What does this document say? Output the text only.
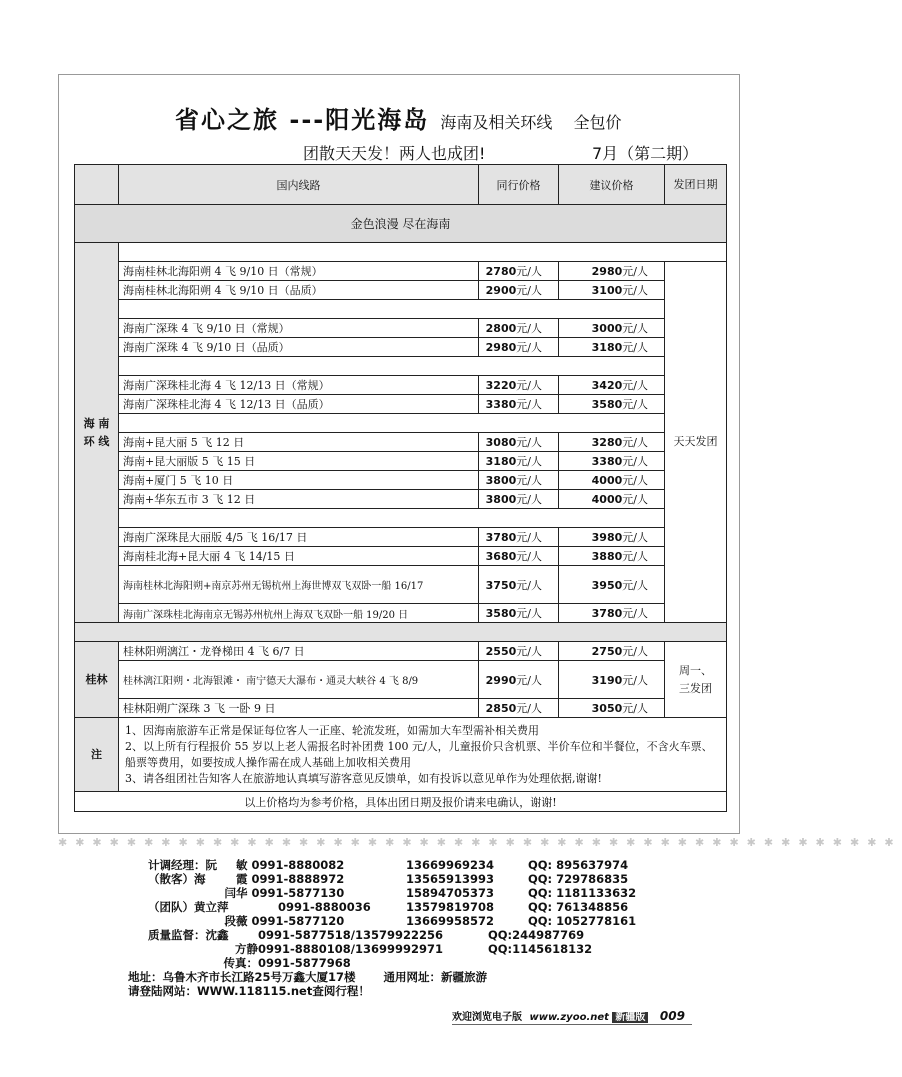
省心之旅 ---阳光海岛 海南及相关环线 全包价
团散天天发！两人也成团!	7月（第二期）
	国内线路	同行价格	建议价格	发团日期
金色浪漫 尽在海南				
海 南 环 线				
	海南桂林北海阳朔 4 飞 9/10 日（常规）	2780元/人	2980元/人	天天发团
	海南桂林北海阳朔 4 飞 9/10 日（品质）	2900元/人	3100元/人	

	海南广深珠 4 飞 9/10 日（常规）	2800元/人	3000元/人	
	海南广深珠 4 飞 9/10 日（品质）	2980元/人	3180元/人	

	海南广深珠桂北海 4 飞 12/13 日（常规）	3220元/人	3420元/人	
	海南广深珠桂北海 4 飞 12/13 日（品质）	3380元/人	3580元/人	

	海南+昆大丽 5 飞 12 日	3080元/人	3280元/人	
	海南+昆大丽版 5 飞 15 日	3180元/人	3380元/人	
	海南+厦门 5 飞 10 日	3800元/人	4000元/人	
	海南+华东五市 3 飞 12 日	3800元/人	4000元/人	

	海南广深珠昆大丽版 4/5 飞 16/17 日	3780元/人	3980元/人	
	海南桂北海+昆大丽 4 飞 14/15 日	3680元/人	3880元/人	
	海南桂林北海阳朔+南京苏州无锡杭州上海世博双飞双卧一船 16/17	3750元/人	3950元/人	
	海南广深珠桂北海南京无锡苏州杭州上海双飞双卧一船 19/20 日	3580元/人	3780元/人	

桂林	桂林阳朔漓江・龙脊梯田 4 飞 6/7 日	2550元/人	2750元/人	周一、三发团
	桂林漓江阳朔・北海银滩・ 南宁德天大瀑布・通灵大峡谷 4 飞 8/9	2990元/人	3190元/人	
	桂林阳朔广深珠 3 飞 一卧 9 日	2850元/人	3050元/人	
注	1、因海南旅游车正常是保证每位客人一正座、轮流发班，如需加大车型需补相关费用
2、以上所有行程报价 55 岁以上老人需报名时补团费 100 元/人，儿童报价只含机票、半价车位和半餐位，不含火车票、船票等费用，如要按成人操作需在成人基础上加收相关费用
3、请各组团社告知客人在旅游地认真填写游客意见反馈单，如有投诉以意见单作为处理依据,谢谢!			

以上价格均为参考价格，具体出团日期及报价请来电确认，谢谢!				
✱✱✱✱✱✱✱✱✱✱✱✱✱✱✱✱✱✱✱✱✱✱✱✱✱✱✱✱✱✱✱✱✱✱✱✱✱✱✱✱✱✱✱✱✱✱✱✱✱
计调经理：阮 敏 0991-8880082	13669969234	QQ: 895637974
（散客）海	霞 0991-8888972	13565913993	QQ: 729786835
闫华 0991-5877130	15894705373	QQ: 1181133632
（团队）黄立萍	0991-8880036	13579819708	QQ: 761348856
段薇 0991-5877120	13669958572	QQ: 1052778161
质量监督：沈鑫	0991-5877518/13579922256	QQ:244987769
方静0991-8880108/13699992971	QQ:1145618132
传真：0991-5877968
地址：乌鲁木齐市长江路25号万鑫大厦17楼 通用网址：新疆旅游
请登陆网站：WWW.118115.net查阅行程！
欢迎浏览电子版 www.zyoo.net 新疆版 009
